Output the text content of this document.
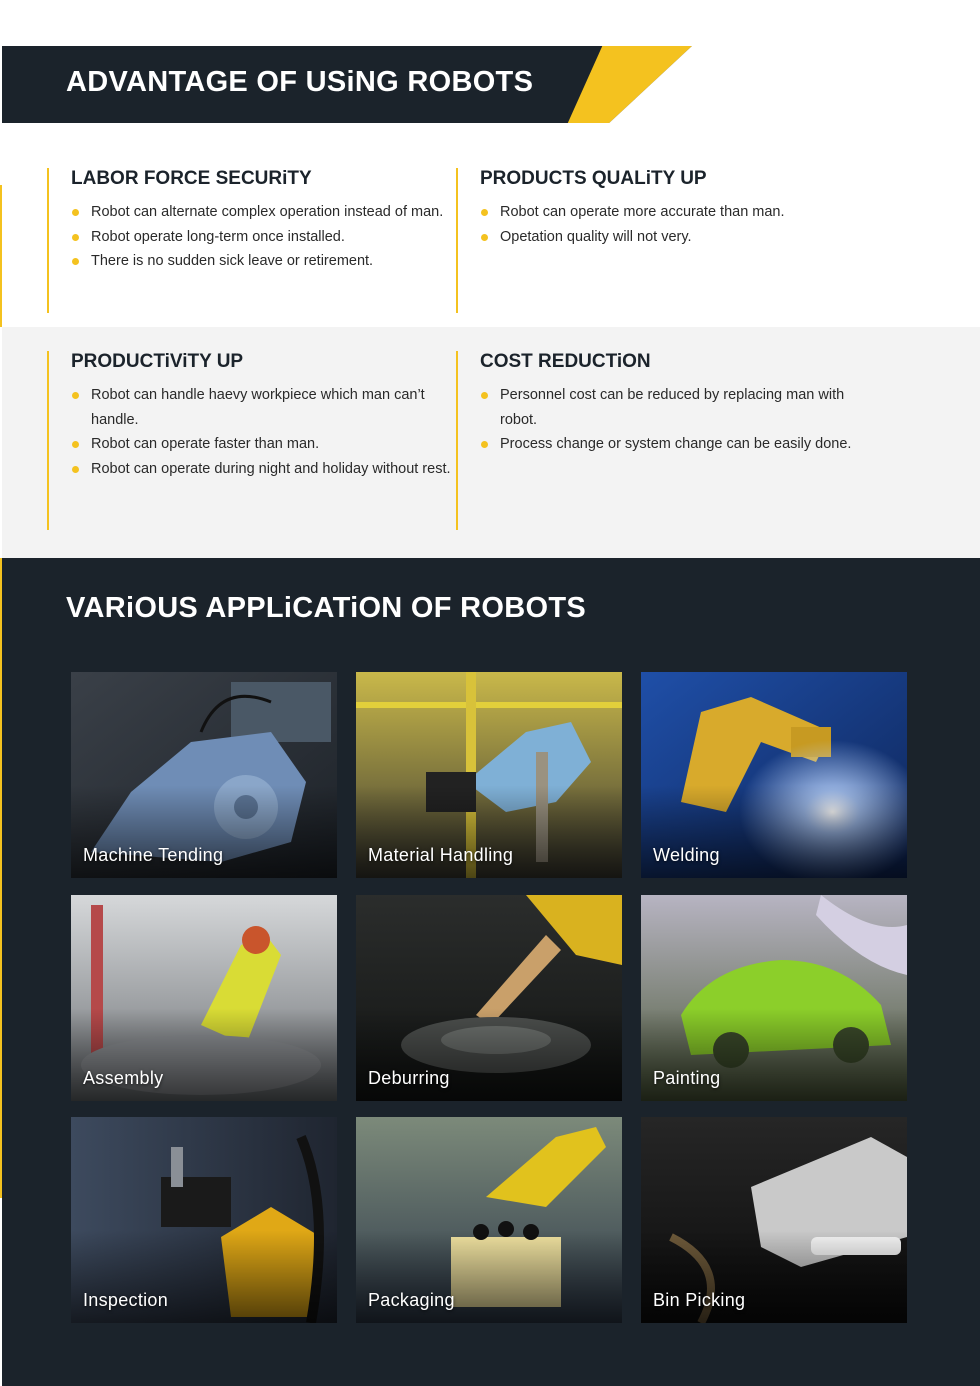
ADVANTAGE OF USiNG ROBOTS
LABOR FORCE SECURiTY
Robot can alternate complex operation instead of man.
Robot operate long-term once installed.
There is no sudden sick leave or retirement.
PRODUCTS QUALiTY UP
Robot can operate more accurate than man.
Opetation quality will not very.
PRODUCTiViTY UP
Robot can handle haevy workpiece which man can’t handle.
Robot can operate faster than man.
Robot can operate during night and holiday without rest.
COST REDUCTiON
Personnel cost can be reduced by replacing man with robot.
Process change or system change can be easily done.
VARiOUS APPLiCATiON OF ROBOTS
Machine Tending	Material Handling	Welding
Assembly	Deburring	Painting
Inspection	Packaging	Bin Picking
